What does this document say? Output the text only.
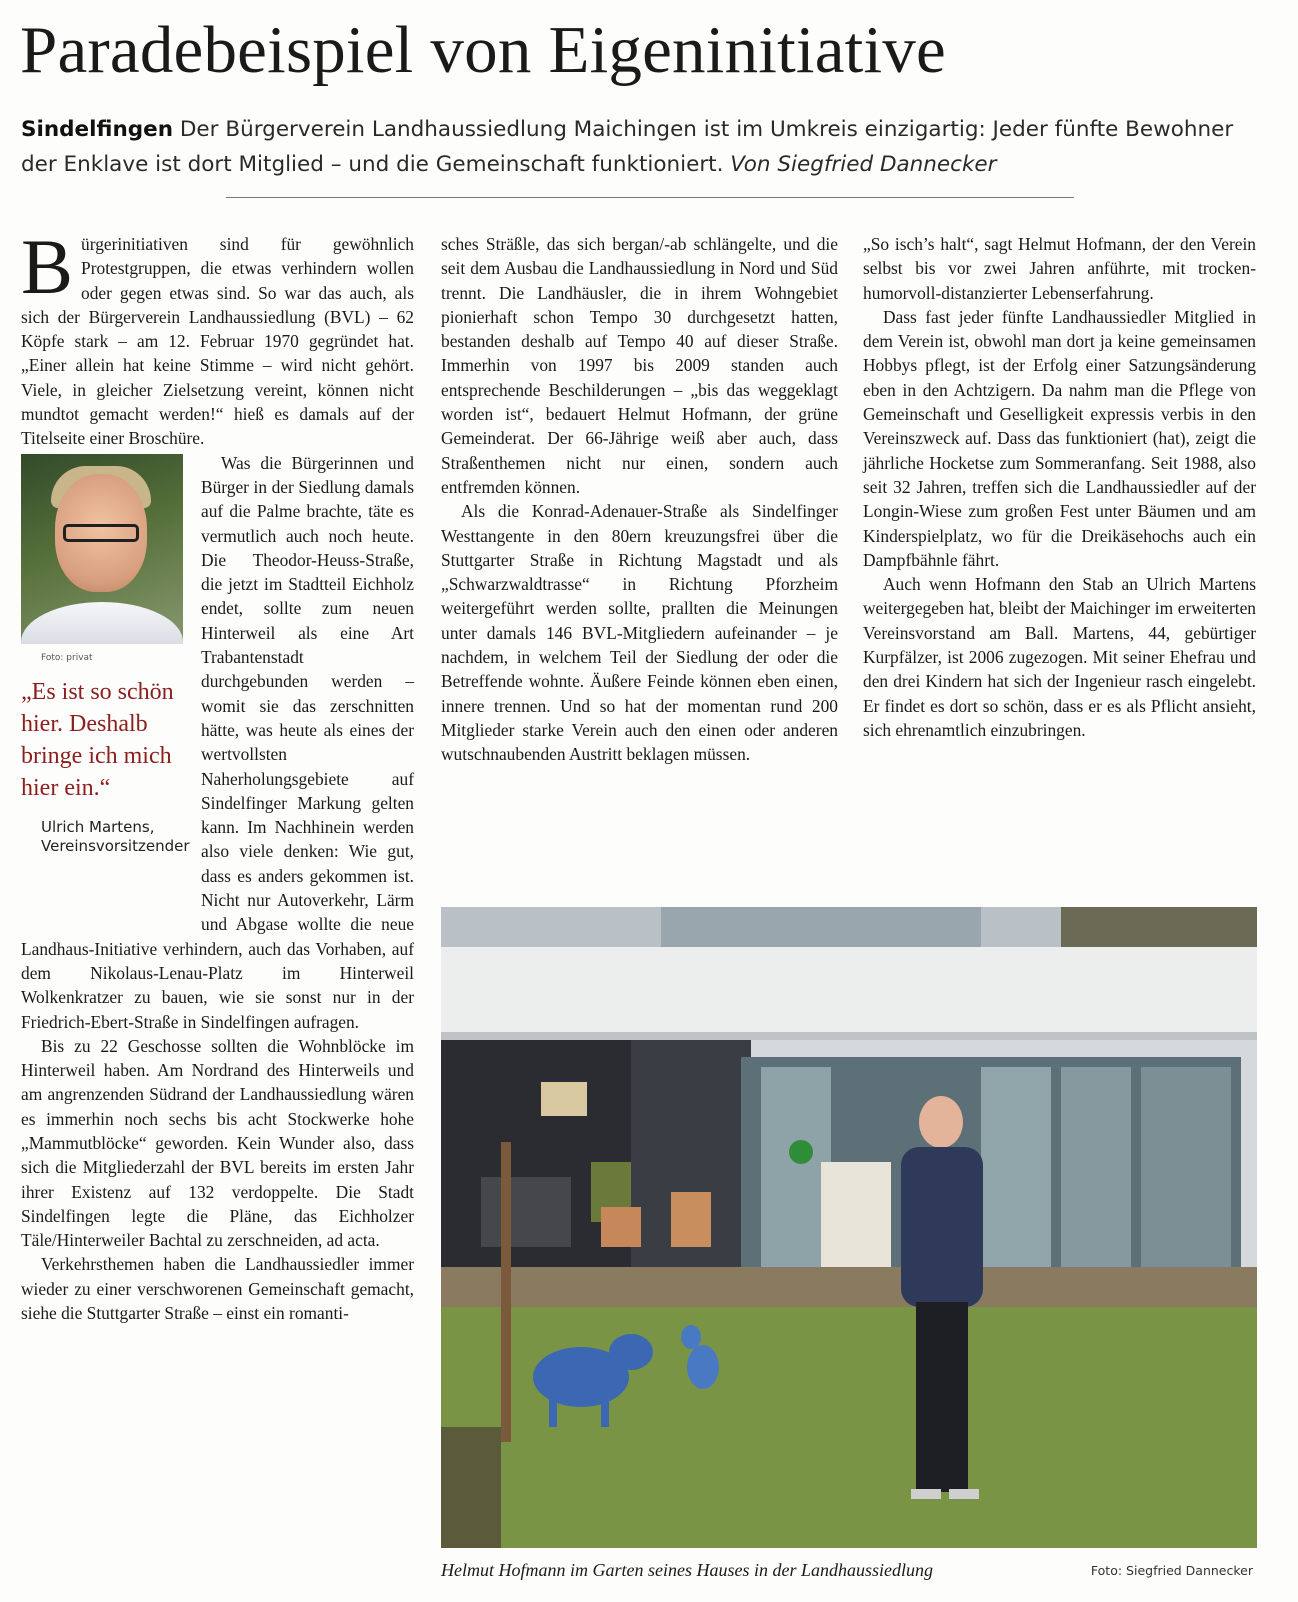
Paradebeispiel von Eigeninitiative

Sindelfingen Der Bürgerverein Landhaussiedlung Maichingen ist im Umkreis einzigartig: Jeder fünfte Bewohner der Enklave ist dort Mitglied – und die Gemeinschaft funktioniert. Von Siegfried Dannecker

Bürgerinitiativen sind für gewöhnlich Protestgruppen, die etwas verhindern wollen oder gegen etwas sind. So war das auch, als sich der Bürgerverein Landhaussiedlung (BVL) – 62 Köpfe stark – am 12. Februar 1970 gegründet hat. „Einer allein hat keine Stimme – wird nicht gehört. Viele, in gleicher Zielsetzung vereint, können nicht mundtot gemacht werden!“ hieß es damals auf der Titelseite einer Broschüre.

Foto: privat
„Es ist so schön hier. Deshalb bringe ich mich hier ein.“
Ulrich Martens,
Vereinsvorsitzender
Was die Bürgerinnen und Bürger in der Siedlung damals auf die Palme brachte, täte es vermutlich auch noch heute. Die Theodor-Heuss-Straße, die jetzt im Stadtteil Eichholz endet, sollte zum neuen Hinterweil als eine Art Trabantenstadt durchgebunden werden – womit sie das zerschnitten hätte, was heute als eines der wertvollsten Naherholungsgebiete auf Sindelfinger Markung gelten kann. Im Nachhinein werden also viele denken: Wie gut, dass es anders gekommen ist. Nicht nur Autoverkehr, Lärm und Abgase wollte die neue Landhaus-Initiative verhindern, auch das Vorhaben, auf dem Nikolaus-Lenau-Platz im Hinterweil Wolkenkratzer zu bauen, wie sie sonst nur in der Friedrich-Ebert-Straße in Sindelfingen aufragen.

Bis zu 22 Geschosse sollten die Wohnblöcke im Hinterweil haben. Am Nordrand des Hinterweils und am angrenzenden Südrand der Landhaussiedlung wären es immerhin noch sechs bis acht Stockwerke hohe „Mammutblöcke“ geworden. Kein Wunder also, dass sich die Mitgliederzahl der BVL bereits im ersten Jahr ihrer Existenz auf 132 verdoppelte. Die Stadt Sindelfingen legte die Pläne, das Eichholzer Täle/Hinterweiler Bachtal zu zerschneiden, ad acta.

Verkehrsthemen haben die Landhaussiedler immer wieder zu einer verschworenen Gemeinschaft gemacht, siehe die Stuttgarter Straße – einst ein romanti-

sches Sträßle, das sich bergan/-ab schlängelte, und die seit dem Ausbau die Landhaussiedlung in Nord und Süd trennt. Die Landhäusler, die in ihrem Wohngebiet pionierhaft schon Tempo 30 durchgesetzt hatten, bestanden deshalb auf Tempo 40 auf dieser Straße. Immerhin von 1997 bis 2009 standen auch entsprechende Beschilderungen – „bis das weggeklagt worden ist“, bedauert Helmut Hofmann, der grüne Gemeinderat. Der 66-Jährige weiß aber auch, dass Straßenthemen nicht nur einen, sondern auch entfremden können.

Als die Konrad-Adenauer-Straße als Sindelfinger Westtangente in den 80ern kreuzungsfrei über die Stuttgarter Straße in Richtung Magstadt und als „Schwarzwaldtrasse“ in Richtung Pforzheim weitergeführt werden sollte, prallten die Meinungen unter damals 146 BVL-Mitgliedern aufeinander – je nachdem, in welchem Teil der Siedlung der oder die Betreffende wohnte. Äußere Feinde können eben einen, innere trennen. Und so hat der momentan rund 200 Mitglieder starke Verein auch den einen oder anderen wutschnaubenden Austritt beklagen müssen.

„So isch’s halt“, sagt Helmut Hofmann, der den Verein selbst bis vor zwei Jahren anführte, mit trocken-humorvoll-distanzierter Lebenserfahrung.

Dass fast jeder fünfte Landhaussiedler Mitglied in dem Verein ist, obwohl man dort ja keine gemeinsamen Hobbys pflegt, ist der Erfolg einer Satzungsänderung eben in den Achtzigern. Da nahm man die Pflege von Gemeinschaft und Geselligkeit expressis verbis in den Vereinszweck auf. Dass das funktioniert (hat), zeigt die jährliche Hocketse zum Sommeranfang. Seit 1988, also seit 32 Jahren, treffen sich die Landhaussiedler auf der Longin-Wiese zum großen Fest unter Bäumen und am Kinderspielplatz, wo für die Dreikäsehochs auch ein Dampfbähnle fährt.

Auch wenn Hofmann den Stab an Ulrich Martens weitergegeben hat, bleibt der Maichinger im erweiterten Vereinsvorstand am Ball. Martens, 44, gebürtiger Kurpfälzer, ist 2006 zugezogen. Mit seiner Ehefrau und den drei Kindern hat sich der Ingenieur rasch eingelebt. Er findet es dort so schön, dass er es als Pflicht ansieht, sich ehrenamtlich einzubringen.

Helmut Hofmann im Garten seines Hauses in der Landhaussiedlung	Foto: Siegfried Dannecker
